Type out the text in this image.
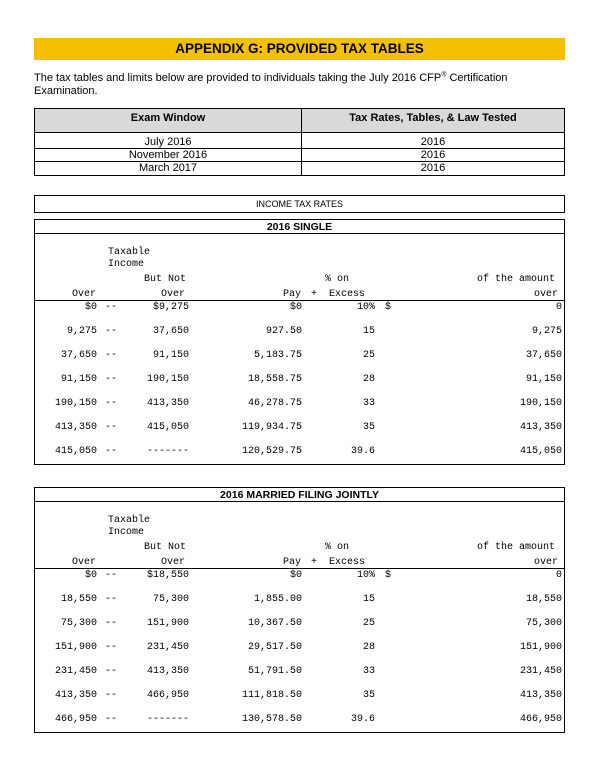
APPENDIX G: PROVIDED TAX TABLES
The tax tables and limits below are provided to individuals taking the July 2016 CFP® Certification Examination.
Exam Window	Tax Rates, Tables, & Law Tested
July 2016	2016
November 2016	2016
March 2017	2016
INCOME TAX RATES
2016 SINGLE
Taxable
Income
But Not	% on	of the amount
Over	Over	Pay + Excess	over
$0 --	$9,275	$0	10% $	0
9,275 --	37,650	927.50	15	9,275
37,650 --	91,150	5,183.75	25	37,650
91,150 --	190,150	18,558.75	28	91,150
190,150 --	413,350	46,278.75	33	190,150
413,350 --	415,050	119,934.75	35	413,350
415,050 --	-------	120,529.75	39.6	415,050
2016 MARRIED FILING JOINTLY
Taxable
Income
But Not	% on	of the amount
Over	Over	Pay + Excess	over
$0 --	$18,550	$0	10% $	0
18,550 --	75,300	1,855.00	15	18,550
75,300 --	151,900	10,367.50	25	75,300
151,900 --	231,450	29,517.50	28	151,900
231,450 --	413,350	51,791.50	33	231,450
413,350 --	466,950	111,818.50	35	413,350
466,950 --	-------	130,578.50	39.6	466,950
